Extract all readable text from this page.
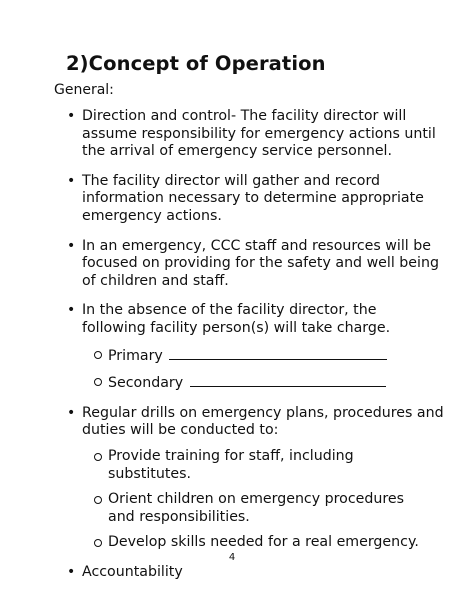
2)Concept of Operation
General:
• Direction and control- The facility director will assume responsibility for emergency actions until the arrival of emergency service personnel.
• The facility director will gather and record information necessary to determine appropriate emergency actions.
• In an emergency, CCC staff and resources will be focused on providing for the safety and well being of children and staff.
• In the absence of the facility director, the following facility person(s) will take charge.
Primary
Secondary
• Regular drills on emergency plans, procedures and duties will be conducted to:
Provide training for staff, including substitutes.
Orient children on emergency procedures and responsibilities.
Develop skills needed for a real emergency.
• Accountability
4
